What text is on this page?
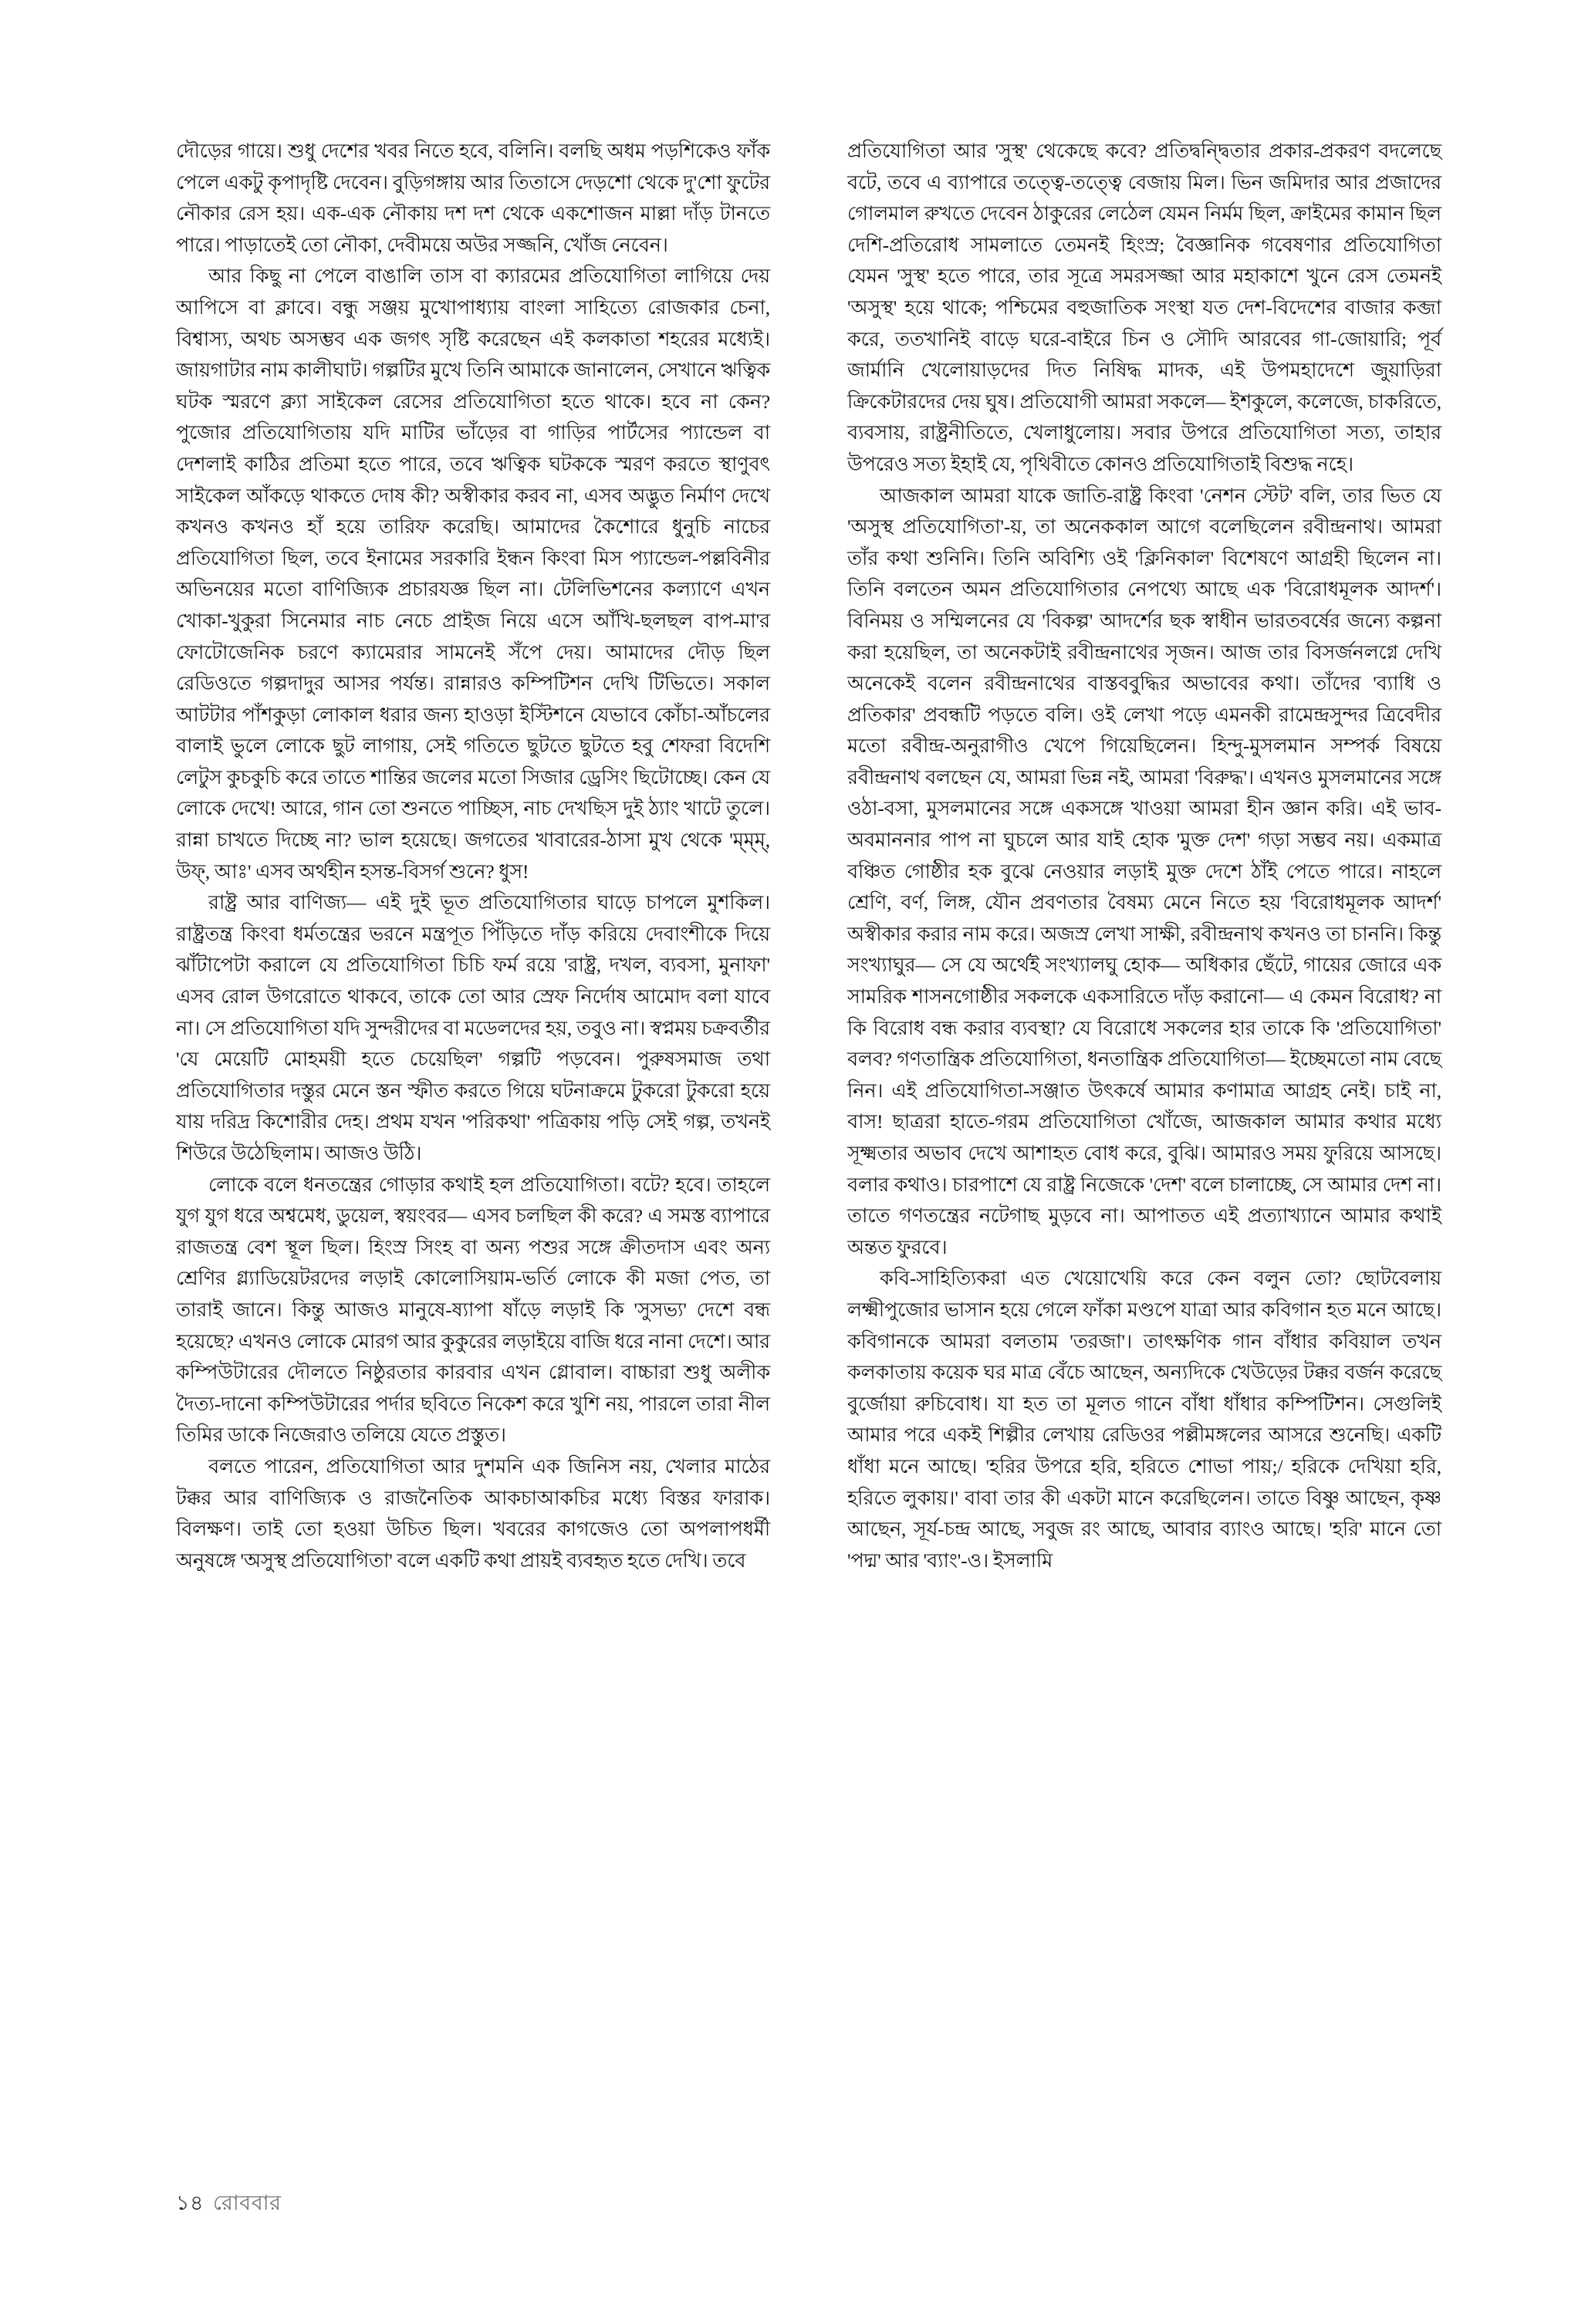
দৌড়ের গায়ে। শুধু দেশের খবর নিতে হবে, বলিনি। বলছি অধম পড়শিকেও ফাঁক পেলে একটু কৃপাদৃষ্টি দেবেন। বুড়িগঙ্গায় আর তিতাসে দেড়শো থেকে দু'শো ফুটের নৌকার রেস হয়। এক-এক নৌকায় দশ দশ থেকে একশোজন মাল্লা দাঁড় টানতে পারে। পাড়াতেই তো নৌকা, দেবীময়ে অউর সজ্জনি, খোঁজ নেবেন।

আর কিছু না পেলে বাঙালি তাস বা ক্যারমের প্রতিযোগিতা লাগিয়ে দেয় আপিসে বা ক্লাবে। বন্ধু সঞ্জয় মুখোপাধ্যায় বাংলা সাহিত্যে রোজকার চেনা, বিশ্বাস্য, অথচ অসম্ভব এক জগৎ সৃষ্টি করেছেন এই কলকাতা শহরের মধ্যেই। জায়গাটার নাম কালীঘাট। গল্পটির মুখে তিনি আমাকে জানালেন, সেখানে ঋত্বিক ঘটক স্মরণে ক্ল্যা সাইকেল রেসের প্রতিযোগিতা হতে থাকে। হবে না কেন? পুজোর প্রতিযোগিতায় যদি মাটির ভাঁড়ের বা গাড়ির পার্টসের প্যান্ডেল বা দেশলাই কাঠির প্রতিমা হতে পারে, তবে ঋত্বিক ঘটককে স্মরণ করতে স্থাণুবৎ সাইকেল আঁকড়ে থাকতে দোষ কী? অস্বীকার করব না, এসব অদ্ভুত নির্মাণ দেখে কখনও কখনও হাঁ হয়ে তারিফ করেছি। আমাদের কৈশোরে ধুনুচি নাচের প্রতিযোগিতা ছিল, তবে ইনামের সরকারি ইন্ধন কিংবা মিস প্যান্ডেল-পল্লবিনীর অভিনয়ের মতো বাণিজ্যিক প্রচারযজ্ঞ ছিল না। টেলিভিশনের কল্যাণে এখন খোকা-খুকুরা সিনেমার নাচ নেচে প্রাইজ নিয়ে এসে আঁখি-ছলছল বাপ-মা'র ফোটোজেনিক চরণে ক্যামেরার সামনেই সঁপে দেয়। আমাদের দৌড় ছিল রেডিওতে গল্পদাদুর আসর পর্যন্ত। রান্নারও কম্পিটিশন দেখি টিভিতে। সকাল আটটার পাঁশকুড়া লোকাল ধরার জন্য হাওড়া ইস্টিশনে যেভাবে কোঁচা-আঁচলের বালাই ভুলে লোকে ছুট লাগায়, সেই গতিতে ছুটতে ছুটতে হবু শেফরা বিদেশি লেটুস কুচকুচি করে তাতে শান্তির জলের মতো সিজার ড্রেসিং ছিটোচ্ছে। কেন যে লোকে দেখে! আরে, গান তো শুনতে পাচ্ছিস, নাচ দেখছিস দুই ঠ্যাং খাটে তুলে। রান্না চাখতে দিচ্ছে না? ভাল হয়েছে। জগতের খাবারের-ঠাসা মুখ থেকে 'ম্‌ম্‌ম্‌, উফ্‌, আঃ' এসব অর্থহীন হসন্ত-বিসর্গ শুনে? ধুস!

রাষ্ট্র আর বাণিজ্য— এই দুই ভূত প্রতিযোগিতার ঘাড়ে চাপলে মুশকিল। রাষ্ট্রতন্ত্র কিংবা ধর্মতন্ত্রের ভরনে মন্ত্রপূত পিঁড়িতে দাঁড় করিয়ে দেবাংশীকে দিয়ে ঝাঁটাপেটা করালে যে প্রতিযোগিতা চিচি ফর্ম রয়ে 'রাষ্ট্র, দখল, ব্যবসা, মুনাফা' এসব রোল উগরোতে থাকবে, তাকে তো আর স্রেফ নির্দোষ আমোদ বলা যাবে না। সে প্রতিযোগিতা যদি সুন্দরীদের বা মডেলদের হয়, তবুও না। স্বপ্নময় চক্রবর্তীর 'যে মেয়েটি মোহময়ী হতে চেয়েছিল' গল্পটি পড়বেন। পুরুষসমাজ তথা প্রতিযোগিতার দস্তুর মেনে স্তন স্ফীত করতে গিয়ে ঘটনাক্রমে টুকরো টুকরো হয়ে যায় দরিদ্র কিশোরীর দেহ। প্রথম যখন 'পরিকথা' পত্রিকায় পড়ি সেই গল্প, তখনই শিউরে উঠেছিলাম। আজও উঠি।

লোকে বলে ধনতন্ত্রের গোড়ার কথাই হল প্রতিযোগিতা। বটে? হবে। তাহলে যুগ যুগ ধরে অশ্বমেধ, ডুয়েল, স্বয়ংবর— এসব চলছিল কী করে? এ সমস্ত ব্যাপারে রাজতন্ত্র বেশ স্থূল ছিল। হিংস্র সিংহ বা অন্য পশুর সঙ্গে ক্রীতদাস এবং অন্য শ্রেণির গ্ল্যাডিয়েটরদের লড়াই কোলোসিয়াম-ভর্তি লোকে কী মজা পেত, তা তারাই জানে। কিন্তু আজও মানুষে-ষ্যাপা ষাঁড়ে লড়াই কি 'সুসভ্য' দেশে বন্ধ হয়েছে? এখনও লোকে মোরগ আর কুকুরের লড়াইয়ে বাজি ধরে নানা দেশে। আর কম্পিউটারের দৌলতে নিষ্ঠুরতার কারবার এখন গ্লোবাল। বাচ্চারা শুধু অলীক দৈত্য-দানো কম্পিউটারের পর্দার ছবিতে নিকেশ করে খুশি নয়, পারলে তারা নীল তিমির ডাকে নিজেরাও তলিয়ে যেতে প্রস্তুত।

বলতে পারেন, প্রতিযোগিতা আর দুশমনি এক জিনিস নয়, খেলার মাঠের টক্কর আর বাণিজ্যিক ও রাজনৈতিক আকচাআকচির মধ্যে বিস্তর ফারাক। বিলক্ষণ। তাই তো হওয়া উচিত ছিল। খবরের কাগজেও তো অপলাপধর্মী অনুষঙ্গে 'অসুস্থ প্রতিযোগিতা' বলে একটি কথা প্রায়ই ব্যবহৃত হতে দেখি। তবে

প্রতিযোগিতা আর 'সুস্থ' থেকেছে কবে? প্রতিদ্বন্দ্বিতার প্রকার-প্রকরণ বদলেছে বটে, তবে এ ব্যাপারে তত্ত্বে-তত্ত্বে বেজায় মিল। ভিন জমিদার আর প্রজাদের গোলমাল রুখতে দেবেন ঠাকুরের লেঠেল যেমন নির্মম ছিল, ক্রাইমের কামান ছিল দেশি-প্রতিরোধ সামলাতে তেমনই হিংস্র; বৈজ্ঞানিক গবেষণার প্রতিযোগিতা যেমন 'সুস্থ' হতে পারে, তার সূত্রে সমরসজ্জা আর মহাকাশে খুনে রেস তেমনই 'অসুস্থ' হয়ে থাকে; পশ্চিমের বহুজাতিক সংস্থা যত দেশ-বিদেশের বাজার কব্জা করে, ততখানিই বাড়ে ঘরে-বাইরে চিন ও সৌদি আরবের গা-জোয়ারি; পূর্ব জার্মানি খেলোয়াড়দের দিত নিষিদ্ধ মাদক, এই উপমহাদেশে জুয়াড়িরা ক্রিকেটারদের দেয় ঘুষ। প্রতিযোগী আমরা সকলে— ইশকুলে, কলেজে, চাকরিতে, ব্যবসায়, রাষ্ট্রনীতিতে, খেলাধুলোয়। সবার উপরে প্রতিযোগিতা সত্য, তাহার উপরেও সত্য ইহাই যে, পৃথিবীতে কোনও প্রতিযোগিতাই বিশুদ্ধ নহে।

আজকাল আমরা যাকে জাতি-রাষ্ট্র কিংবা 'নেশন স্টেট' বলি, তার ভিত যে 'অসুস্থ প্রতিযোগিতা'-য়, তা অনেককাল আগে বলেছিলেন রবীন্দ্রনাথ। আমরা তাঁর কথা শুনিনি। তিনি অবিশ্যি ওই 'ক্লিনিকাল' বিশেষণে আগ্রহী ছিলেন না। তিনি বলতেন অমন প্রতিযোগিতার নেপথ্যে আছে এক 'বিরোধমূলক আদর্শ'। বিনিময় ও সম্মিলনের যে 'বিকল্প' আদর্শের ছক স্বাধীন ভারতবর্ষের জন্যে কল্পনা করা হয়েছিল, তা অনেকটাই রবীন্দ্রনাথের সৃজন। আজ তার বিসর্জনলগ্নে দেখি অনেকেই বলেন রবীন্দ্রনাথের বাস্তববুদ্ধির অভাবের কথা। তাঁদের 'ব্যাধি ও প্রতিকার' প্রবন্ধটি পড়তে বলি। ওই লেখা পড়ে এমনকী রামেন্দ্রসুন্দর ত্রিবেদীর মতো রবীন্দ্র-অনুরাগীও খেপে গিয়েছিলেন। হিন্দু-মুসলমান সম্পর্ক বিষয়ে রবীন্দ্রনাথ বলছেন যে, আমরা ভিন্ন নই, আমরা 'বিরুদ্ধ'। এখনও মুসলমানের সঙ্গে ওঠা-বসা, মুসলমানের সঙ্গে একসঙ্গে খাওয়া আমরা হীন জ্ঞান করি। এই ভাব-অবমাননার পাপ না ঘুচলে আর যাই হোক 'মুক্ত দেশ' গড়া সম্ভব নয়। একমাত্র বঞ্চিত গোষ্ঠীর হক বুঝে নেওয়ার লড়াই মুক্ত দেশে ঠাঁই পেতে পারে। নাহলে শ্রেণি, বর্ণ, লিঙ্গ, যৌন প্রবণতার বৈষম্য মেনে নিতে হয় 'বিরোধমূলক আদর্শ' অস্বীকার করার নাম করে। অজস্র লেখা সাক্ষী, রবীন্দ্রনাথ কখনও তা চাননি। কিন্তু সংখ্যাঘুর— সে যে অর্থেই সংখ্যালঘু হোক— অধিকার ছেঁটে, গায়ের জোরে এক সামরিক শাসনগোষ্ঠীর সকলকে একসারিতে দাঁড় করানো— এ কেমন বিরোধ? না কি বিরোধ বন্ধ করার ব্যবস্থা? যে বিরোধে সকলের হার তাকে কি 'প্রতিযোগিতা' বলব? গণতান্ত্রিক প্রতিযোগিতা, ধনতান্ত্রিক প্রতিযোগিতা— ইচ্ছেমতো নাম বেছে নিন। এই প্রতিযোগিতা-সঞ্জাত উৎকর্ষে আমার কণামাত্র আগ্রহ নেই। চাই না, বাস! ছাত্ররা হাতে-গরম প্রতিযোগিতা খোঁজে, আজকাল আমার কথার মধ্যে সূক্ষ্মতার অভাব দেখে আশাহত বোধ করে, বুঝি। আমারও সময় ফুরিয়ে আসছে। বলার কথাও। চারপাশে যে রাষ্ট্র নিজেকে 'দেশ' বলে চালাচ্ছে, সে আমার দেশ না। তাতে গণতন্ত্রের নটেগাছ মুড়বে না। আপাতত এই প্রত্যাখ্যানে আমার কথাই অন্তত ফুরবে।

কবি-সাহিত্যিকরা এত খেয়োখেয়ি করে কেন বলুন তো? ছোটবেলায় লক্ষ্মীপুজোর ভাসান হয়ে গেলে ফাঁকা মণ্ডপে যাত্রা আর কবিগান হত মনে আছে। কবিগানকে আমরা বলতাম 'তরজা'। তাৎক্ষণিক গান বাঁধার কবিয়াল তখন কলকাতায় কয়েক ঘর মাত্র বেঁচে আছেন, অন্যদিকে খেউড়ের টক্কর বর্জন করেছে বুর্জোয়া রুচিবোধ। যা হত তা মূলত গানে বাঁধা ধাঁধার কম্পিটিশন। সেগুলিই আমার পরে একই শিল্পীর লেখায় রেডিওর পল্লীমঙ্গলের আসরে শুনেছি। একটি ধাঁধা মনে আছে। 'হরির উপরে হরি, হরিতে শোভা পায়;/ হরিকে দেখিয়া হরি, হরিতে লুকায়।' বাবা তার কী একটা মানে করেছিলেন। তাতে বিষ্ণু আছেন, কৃষ্ণ আছেন, সূর্য-চন্দ্র আছে, সবুজ রং আছে, আবার ব্যাংও আছে। 'হরি' মানে তো 'পদ্ম' আর 'ব্যাং'-ও। ইসলামি

১৪ রোববার
